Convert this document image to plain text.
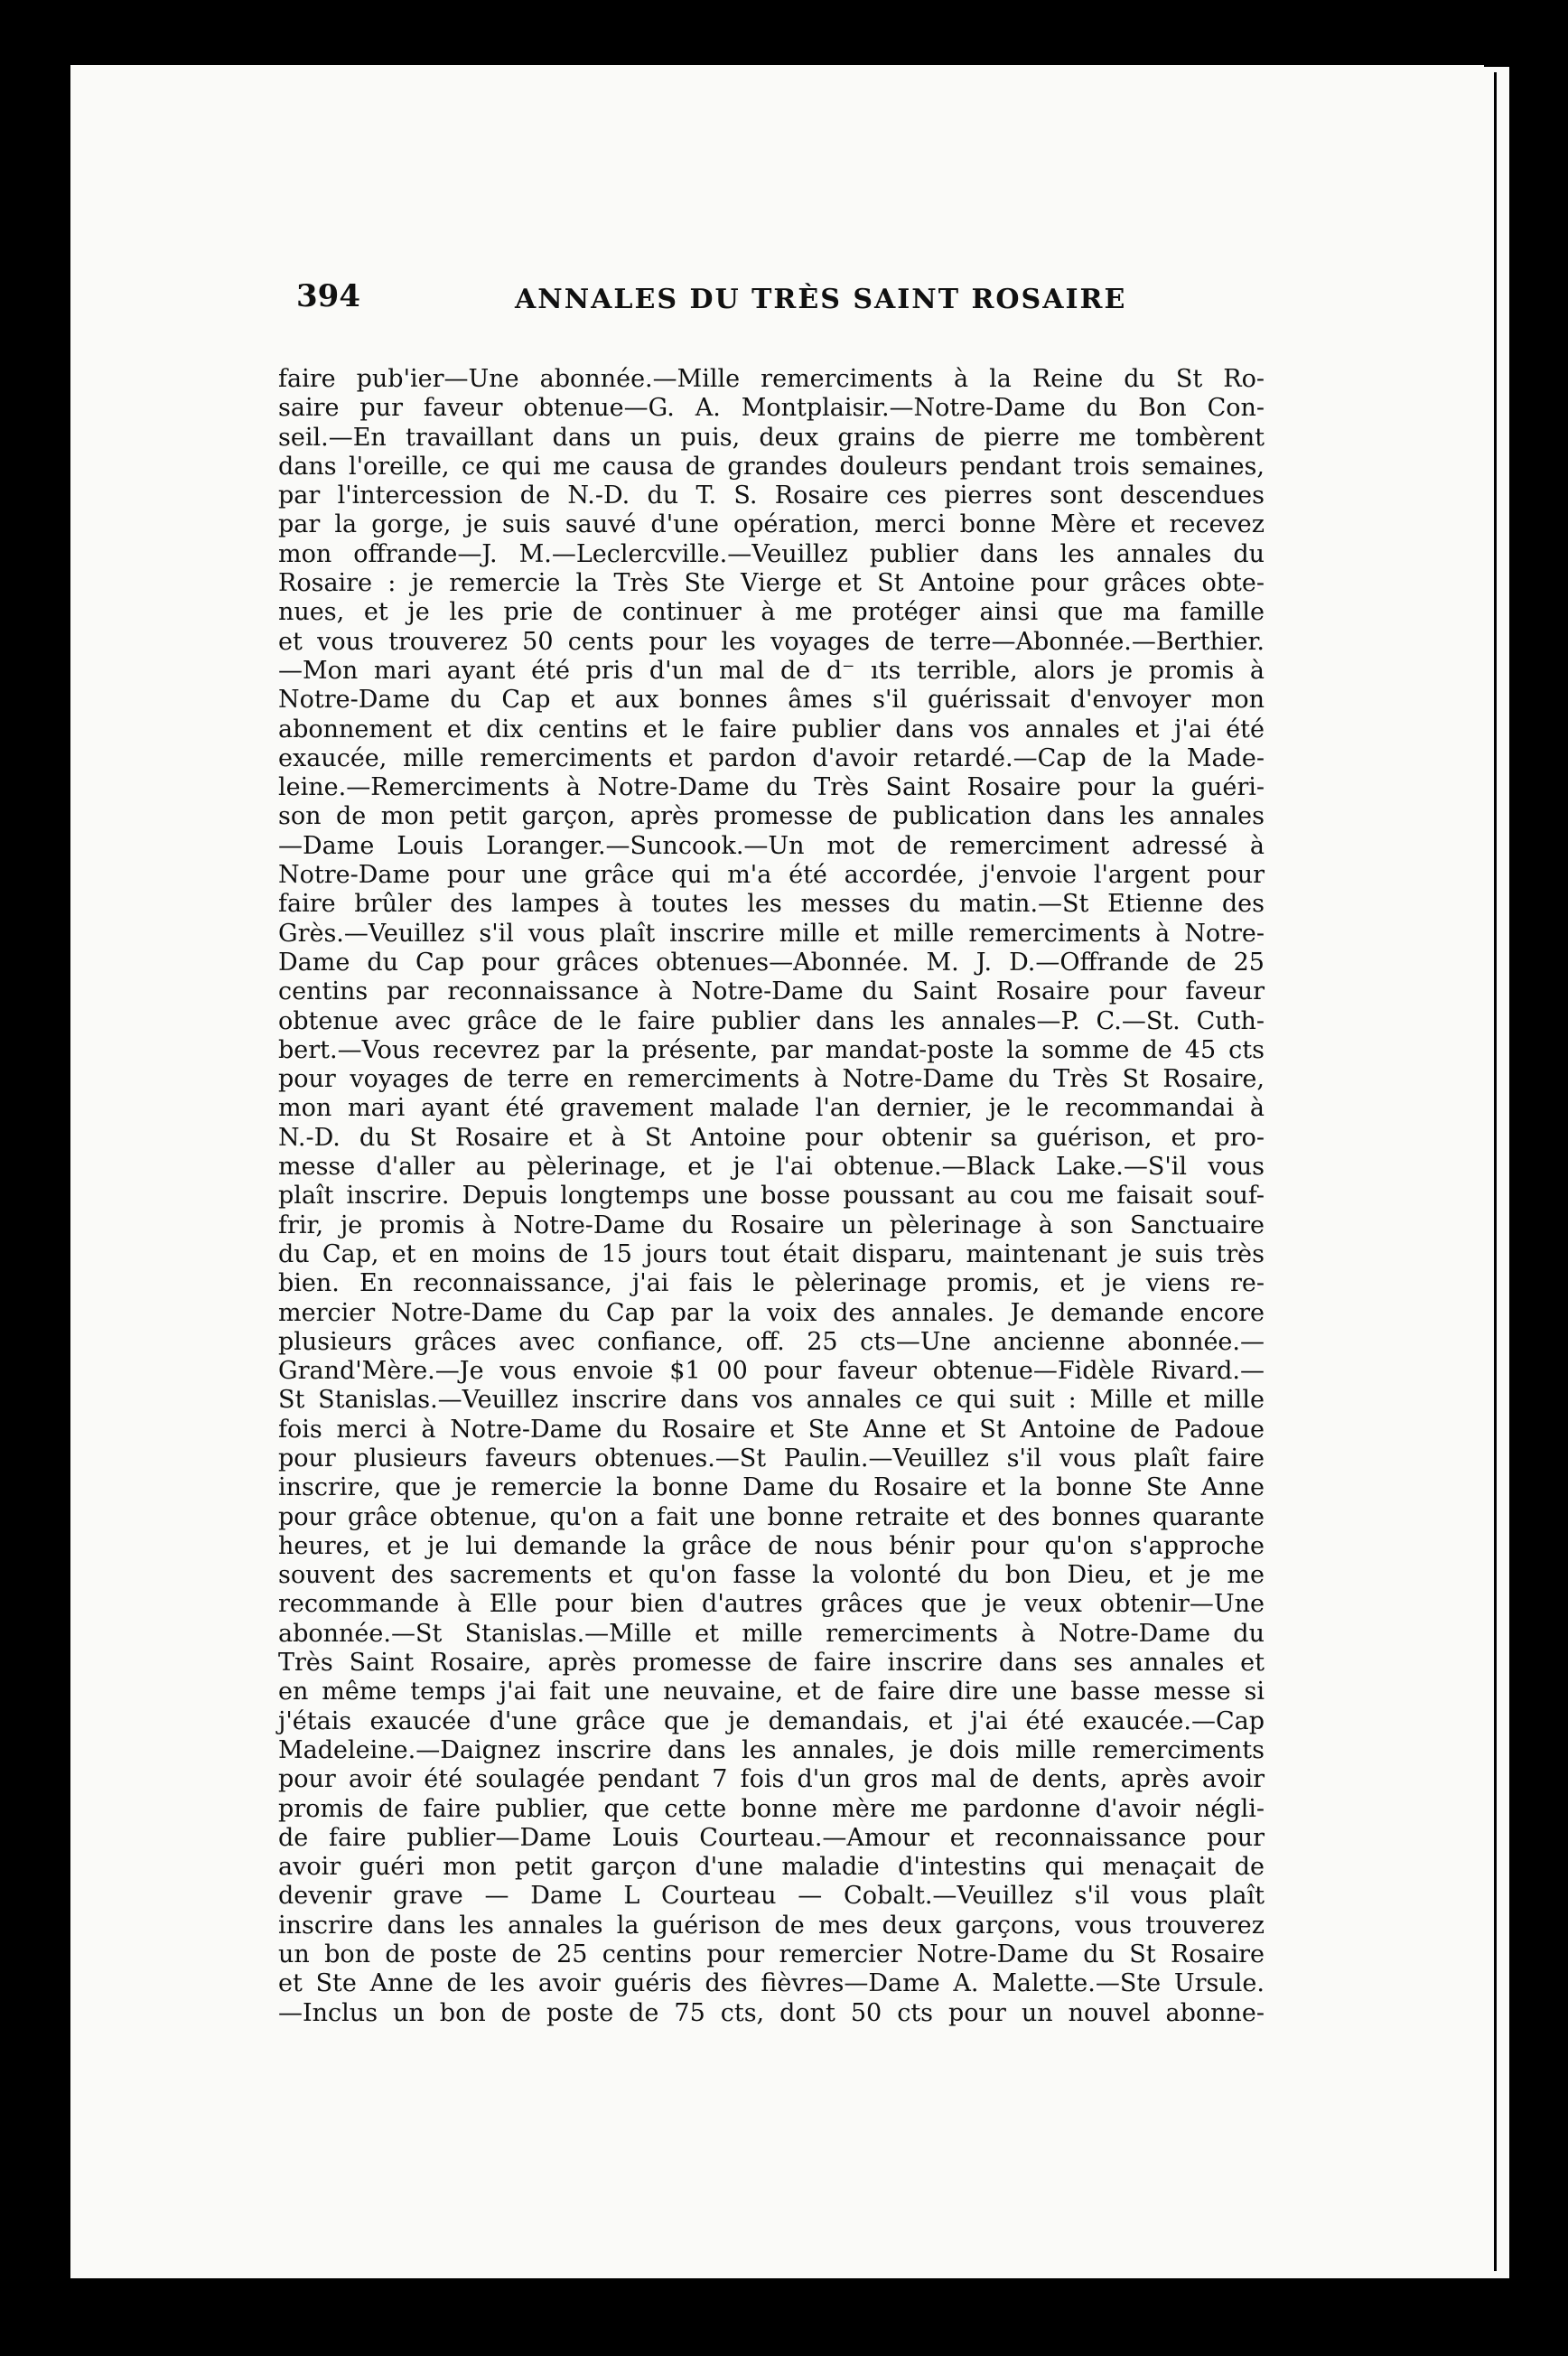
394	ANNALES DU TRÈS SAINT ROSAIRE
faire pub'ier—Une abonnée.—Mille remerciments à la Reine du St Ro-
saire pur faveur obtenue—G. A. Montplaisir.—Notre-Dame du Bon Con-
seil.—En travaillant dans un puis, deux grains de pierre me tombèrent
dans l'oreille, ce qui me causa de grandes douleurs pendant trois semaines,
par l'intercession de N.-D. du T. S. Rosaire ces pierres sont descendues
par la gorge, je suis sauvé d'une opération, merci bonne Mère et recevez
mon offrande—J. M.—Leclercville.—Veuillez publier dans les annales du
Rosaire : je remercie la Très Ste Vierge et St Antoine pour grâces obte-
nues, et je les prie de continuer à me protéger ainsi que ma famille
et vous trouverez 50 cents pour les voyages de terre—Abonnée.—Berthier.
—Mon mari ayant été pris d'un mal de d⁻ ıts terrible, alors je promis à
Notre-Dame du Cap et aux bonnes âmes s'il guérissait d'envoyer mon
abonnement et dix centins et le faire publier dans vos annales et j'ai été
exaucée, mille remerciments et pardon d'avoir retardé.—Cap de la Made-
leine.—Remerciments à Notre-Dame du Très Saint Rosaire pour la guéri-
son de mon petit garçon, après promesse de publication dans les annales
—Dame Louis Loranger.—Suncook.—Un mot de remerciment adressé à
Notre-Dame pour une grâce qui m'a été accordée, j'envoie l'argent pour
faire brûler des lampes à toutes les messes du matin.—St Etienne des
Grès.—Veuillez s'il vous plaît inscrire mille et mille remerciments à Notre-
Dame du Cap pour grâces obtenues—Abonnée. M. J. D.—Offrande de 25
centins par reconnaissance à Notre-Dame du Saint Rosaire pour faveur
obtenue avec grâce de le faire publier dans les annales—P. C.—St. Cuth-
bert.—Vous recevrez par la présente, par mandat-poste la somme de 45 cts
pour voyages de terre en remerciments à Notre-Dame du Très St Rosaire,
mon mari ayant été gravement malade l'an dernier, je le recommandai à
N.-D. du St Rosaire et à St Antoine pour obtenir sa guérison, et pro-
messe d'aller au pèlerinage, et je l'ai obtenue.—Black Lake.—S'il vous
plaît inscrire. Depuis longtemps une bosse poussant au cou me faisait souf-
frir, je promis à Notre-Dame du Rosaire un pèlerinage à son Sanctuaire
du Cap, et en moins de 15 jours tout était disparu, maintenant je suis très
bien. En reconnaissance, j'ai fais le pèlerinage promis, et je viens re-
mercier Notre-Dame du Cap par la voix des annales. Je demande encore
plusieurs grâces avec confiance, off. 25 cts—Une ancienne abonnée.—
Grand'Mère.—Je vous envoie $1 00 pour faveur obtenue—Fidèle Rivard.—
St Stanislas.—Veuillez inscrire dans vos annales ce qui suit : Mille et mille
fois merci à Notre-Dame du Rosaire et Ste Anne et St Antoine de Padoue
pour plusieurs faveurs obtenues.—St Paulin.—Veuillez s'il vous plaît faire
inscrire, que je remercie la bonne Dame du Rosaire et la bonne Ste Anne
pour grâce obtenue, qu'on a fait une bonne retraite et des bonnes quarante
heures, et je lui demande la grâce de nous bénir pour qu'on s'approche
souvent des sacrements et qu'on fasse la volonté du bon Dieu, et je me
recommande à Elle pour bien d'autres grâces que je veux obtenir—Une
abonnée.—St Stanislas.—Mille et mille remerciments à Notre-Dame du
Très Saint Rosaire, après promesse de faire inscrire dans ses annales et
en même temps j'ai fait une neuvaine, et de faire dire une basse messe si
j'étais exaucée d'une grâce que je demandais, et j'ai été exaucée.—Cap
Madeleine.—Daignez inscrire dans les annales, je dois mille remerciments
pour avoir été soulagée pendant 7 fois d'un gros mal de dents, après avoir
promis de faire publier, que cette bonne mère me pardonne d'avoir négli-
de faire publier—Dame Louis Courteau.—Amour et reconnaissance pour
avoir guéri mon petit garçon d'une maladie d'intestins qui menaçait de
devenir grave — Dame L Courteau — Cobalt.—Veuillez s'il vous plaît
inscrire dans les annales la guérison de mes deux garçons, vous trouverez
un bon de poste de 25 centins pour remercier Notre-Dame du St Rosaire
et Ste Anne de les avoir guéris des fièvres—Dame A. Malette.—Ste Ursule.
—Inclus un bon de poste de 75 cts, dont 50 cts pour un nouvel abonne-
